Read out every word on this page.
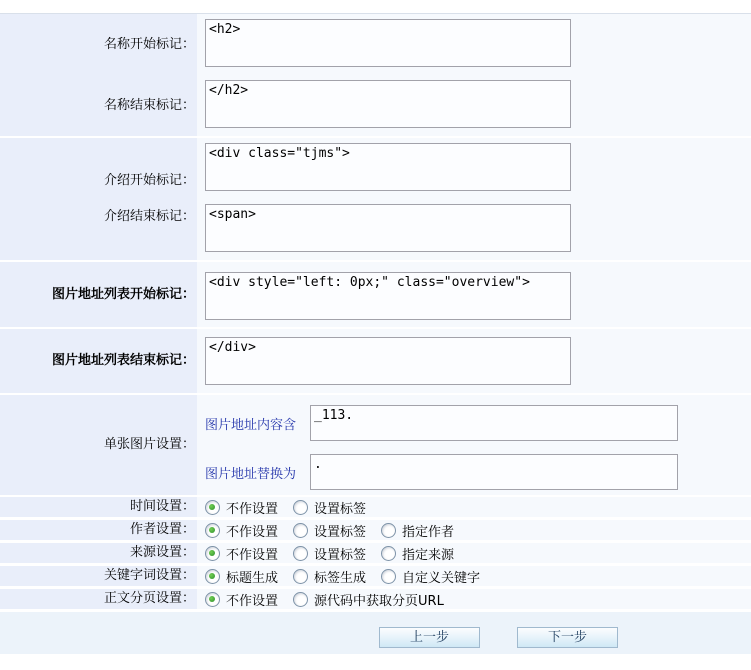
名称开始标记：
<h2>
名称结束标记：
</h2>
介绍开始标记：
<div class="tjms">
介绍结束标记：
<span>
图片地址列表开始标记：
<div style="left: 0px;" class="overview">
图片地址列表结束标记：
</div>
单张图片设置：
图片地址内容含
_113.
图片地址替换为
.
时间设置： 不作设置	设置标签
作者设置： 不作设置	设置标签	指定作者
来源设置： 不作设置	设置标签	指定来源
关键字词设置： 标题生成	标签生成	自定义关键字
正文分页设置： 不作设置	源代码中获取分页URL
上一步	下一步
